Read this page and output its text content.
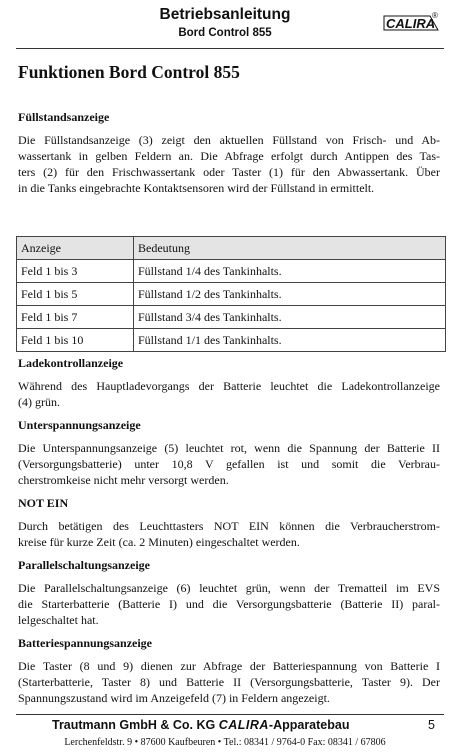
Betriebsanleitung
Bord Control 855
CALIRA
®
Funktionen Bord Control 855
Füllstandsanzeige
Die Füllstandsanzeige (3) zeigt den aktuellen Füllstand von Frisch- und Ab-
wassertank in gelben Feldern an. Die Abfrage erfolgt durch Antippen des Tas-
ters (2) für den Frischwassertank oder Taster (1) für den Abwassertank. Über
in die Tanks eingebrachte Kontaktsensoren wird der Füllstand in ermittelt.
Anzeige	Bedeutung
Feld 1 bis 3	Füllstand 1/4 des Tankinhalts.
Feld 1 bis 5	Füllstand 1/2 des Tankinhalts.
Feld 1 bis 7	Füllstand 3/4 des Tankinhalts.
Feld 1 bis 10	Füllstand 1/1 des Tankinhalts.
Ladekontrollanzeige
Während des Hauptladevorgangs der Batterie leuchtet die Ladekontrollanzeige
(4) grün.
Unterspannungsanzeige
Die Unterspannungsanzeige (5) leuchtet rot, wenn die Spannung der Batterie II
(Versorgungsbatterie) unter 10,8 V gefallen ist und somit die Verbrau-
cherstromkeise nicht mehr versorgt werden.
NOT EIN
Durch betätigen des Leuchttasters NOT EIN können die Verbraucherstrom-
kreise für kurze Zeit (ca. 2 Minuten) eingeschaltet werden.
Parallelschaltungsanzeige
Die Parallelschaltungsanzeige (6) leuchtet grün, wenn der Trematteil im EVS
die Starterbatterie (Batterie I) und die Versorgungsbatterie (Batterie II) paral-
lelgeschaltet hat.
Batteriespannungsanzeige
Die Taster (8 und 9) dienen zur Abfrage der Batteriespannung von Batterie I
(Starterbatterie, Taster 8) und Batterie II (Versorgungsbatterie, Taster 9). Der
Spannungszustand wird im Anzeigefeld (7) in Feldern angezeigt.
Trautmann GmbH & Co. KG CALIRA-Apparatebau	5
Lerchenfeldstr. 9 • 87600 Kaufbeuren • Tel.: 08341 / 9764-0 Fax: 08341 / 67806
